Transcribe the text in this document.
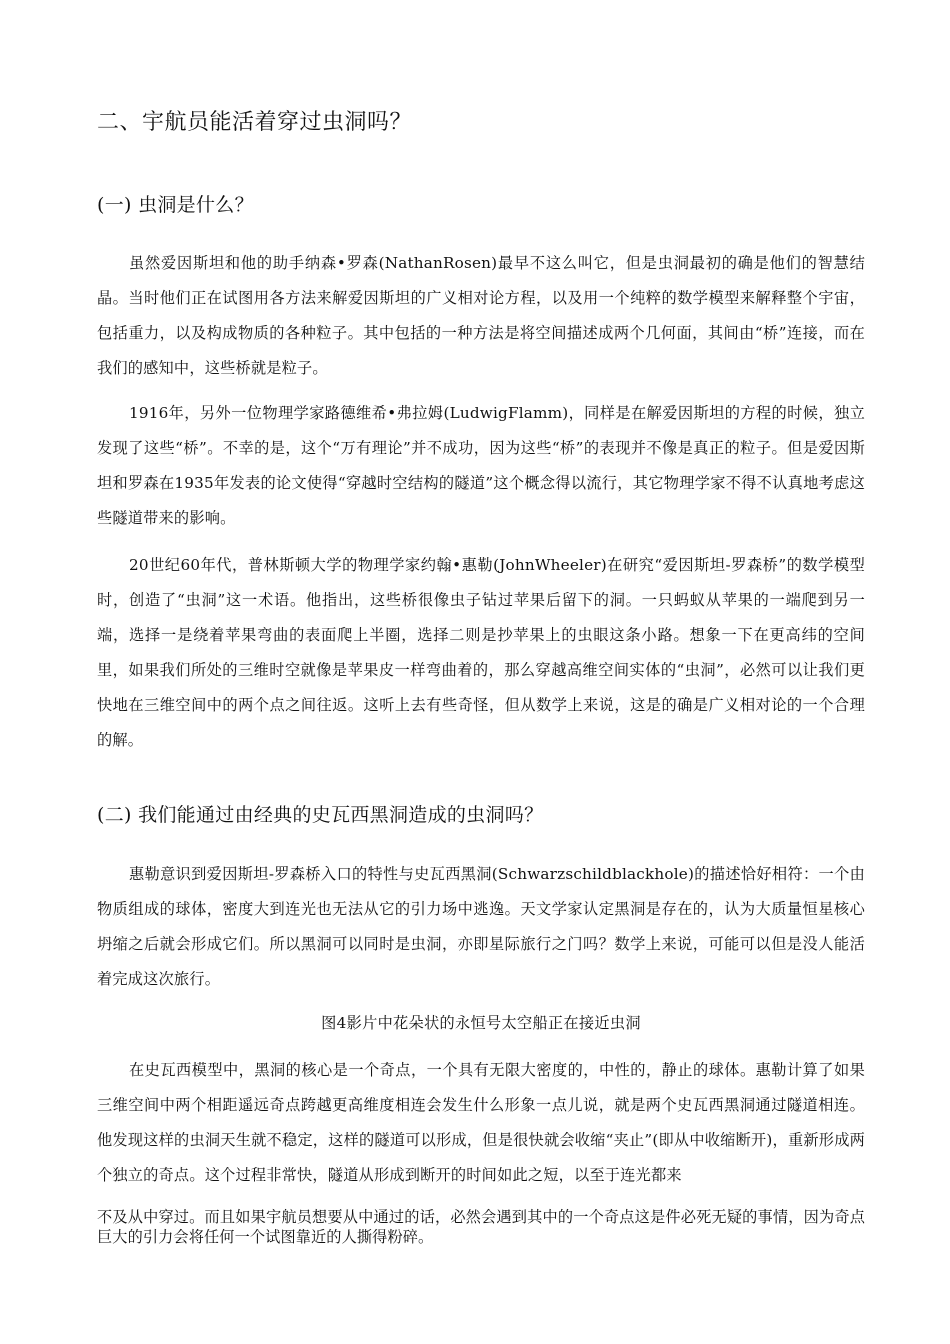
二、宇航员能活着穿过虫洞吗？
(一) 虫洞是什么？

虽然爱因斯坦和他的助手纳森•罗森(NathanRosen)最早不这么叫它，但是虫洞最初的确是他们的智慧结晶。当时他们正在试图用各方法来解爱因斯坦的广义相对论方程，以及用一个纯粹的数学模型来解释整个宇宙，包括重力，以及构成物质的各种粒子。其中包括的一种方法是将空间描述成两个几何面，其间由“桥”连接，而在我们的感知中，这些桥就是粒子。

1916年，另外一位物理学家路德维希•弗拉姆(LudwigFlamm)，同样是在解爱因斯坦的方程的时候，独立发现了这些“桥”。不幸的是，这个“万有理论”并不成功，因为这些“桥”的表现并不像是真正的粒子。但是爱因斯坦和罗森在1935年发表的论文使得“穿越时空结构的隧道”这个概念得以流行，其它物理学家不得不认真地考虑这些隧道带来的影响。

20世纪60年代，普林斯顿大学的物理学家约翰•惠勒(JohnWheeler)在研究“爱因斯坦-罗森桥”的数学模型时，创造了“虫洞”这一术语。他指出，这些桥很像虫子钻过苹果后留下的洞。一只蚂蚁从苹果的一端爬到另一端，选择一是绕着苹果弯曲的表面爬上半圈，选择二则是抄苹果上的虫眼这条小路。想象一下在更高纬的空间里，如果我们所处的三维时空就像是苹果皮一样弯曲着的，那么穿越高维空间实体的“虫洞”，必然可以让我们更快地在三维空间中的两个点之间往返。这听上去有些奇怪，但从数学上来说，这是的确是广义相对论的一个合理的解。

(二) 我们能通过由经典的史瓦西黑洞造成的虫洞吗？

惠勒意识到爱因斯坦-罗森桥入口的特性与史瓦西黑洞(Schwarzschildblackhole)的描述恰好相符：一个由物质组成的球体，密度大到连光也无法从它的引力场中逃逸。天文学家认定黑洞是存在的，认为大质量恒星核心坍缩之后就会形成它们。所以黑洞可以同时是虫洞，亦即星际旅行之门吗？数学上来说，可能可以但是没人能活着完成这次旅行。

图4影片中花朵状的永恒号太空船正在接近虫洞

在史瓦西模型中，黑洞的核心是一个奇点，一个具有无限大密度的，中性的，静止的球体。惠勒计算了如果三维空间中两个相距遥远奇点跨越更高维度相连会发生什么形象一点儿说，就是两个史瓦西黑洞通过隧道相连。他发现这样的虫洞天生就不稳定，这样的隧道可以形成，但是很快就会收缩“夹止”(即从中收缩断开)，重新形成两个独立的奇点。这个过程非常快，隧道从形成到断开的时间如此之短，以至于连光都来

不及从中穿过。而且如果宇航员想要从中通过的话，必然会遇到其中的一个奇点这是件必死无疑的事情，因为奇点巨大的引力会将任何一个试图靠近的人撕得粉碎。
